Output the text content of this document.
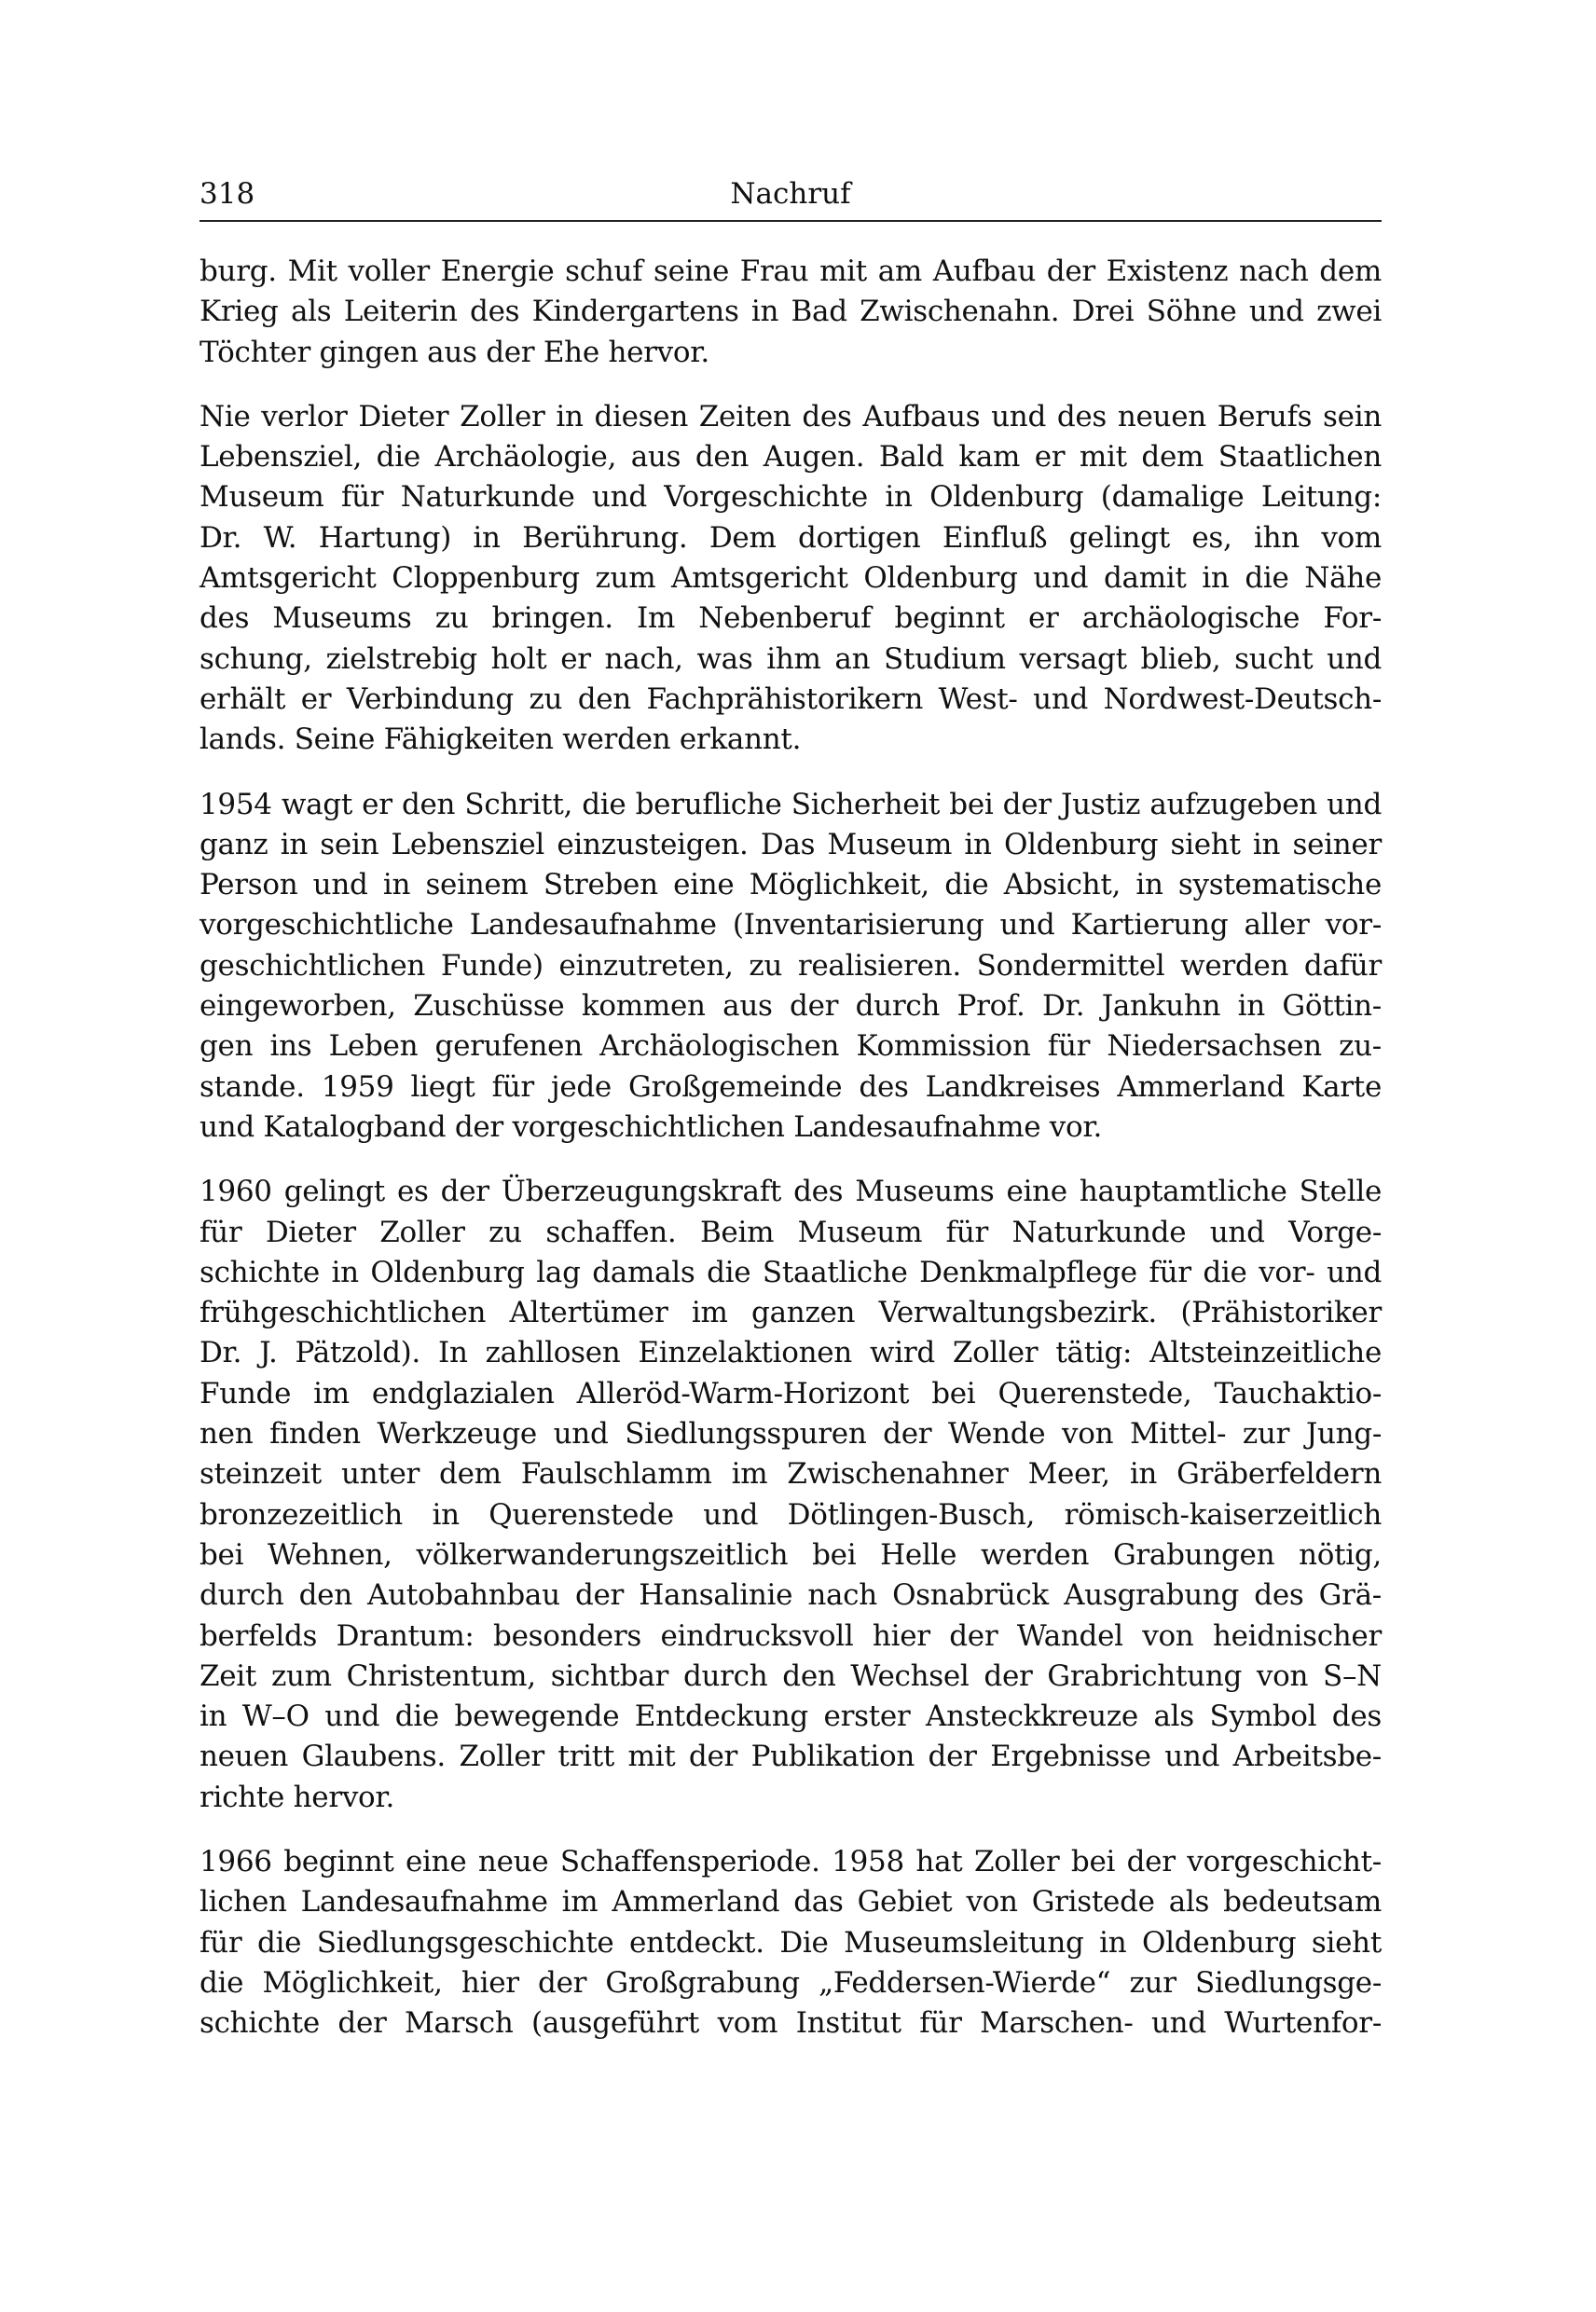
318	Nachruf
burg. Mit voller Energie schuf seine Frau mit am Aufbau der Existenz nach dem
Krieg als Leiterin des Kindergartens in Bad Zwischenahn. Drei Söhne und zwei
Töchter gingen aus der Ehe hervor.
Nie verlor Dieter Zoller in diesen Zeiten des Aufbaus und des neuen Berufs sein
Lebensziel, die Archäologie, aus den Augen. Bald kam er mit dem Staatlichen
Museum für Naturkunde und Vorgeschichte in Oldenburg (damalige Leitung:
Dr. W. Hartung) in Berührung. Dem dortigen Einfluß gelingt es, ihn vom
Amtsgericht Cloppenburg zum Amtsgericht Oldenburg und damit in die Nähe
des Museums zu bringen. Im Nebenberuf beginnt er archäologische For-
schung, zielstrebig holt er nach, was ihm an Studium versagt blieb, sucht und
erhält er Verbindung zu den Fachprähistorikern West- und Nordwest-Deutsch-
lands. Seine Fähigkeiten werden erkannt.
1954 wagt er den Schritt, die berufliche Sicherheit bei der Justiz aufzugeben und
ganz in sein Lebensziel einzusteigen. Das Museum in Oldenburg sieht in seiner
Person und in seinem Streben eine Möglichkeit, die Absicht, in systematische
vorgeschichtliche Landesaufnahme (Inventarisierung und Kartierung aller vor-
geschichtlichen Funde) einzutreten, zu realisieren. Sondermittel werden dafür
eingeworben, Zuschüsse kommen aus der durch Prof. Dr. Jankuhn in Göttin-
gen ins Leben gerufenen Archäologischen Kommission für Niedersachsen zu-
stande. 1959 liegt für jede Großgemeinde des Landkreises Ammerland Karte
und Katalogband der vorgeschichtlichen Landesaufnahme vor.
1960 gelingt es der Überzeugungskraft des Museums eine hauptamtliche Stelle
für Dieter Zoller zu schaffen. Beim Museum für Naturkunde und Vorge-
schichte in Oldenburg lag damals die Staatliche Denkmalpflege für die vor- und
frühgeschichtlichen Altertümer im ganzen Verwaltungsbezirk. (Prähistoriker
Dr. J. Pätzold). In zahllosen Einzelaktionen wird Zoller tätig: Altsteinzeitliche
Funde im endglazialen Alleröd-Warm-Horizont bei Querenstede, Tauchaktio-
nen finden Werkzeuge und Siedlungsspuren der Wende von Mittel- zur Jung-
steinzeit unter dem Faulschlamm im Zwischenahner Meer, in Gräberfeldern
bronzezeitlich in Querenstede und Dötlingen-Busch, römisch-kaiserzeitlich
bei Wehnen, völkerwanderungszeitlich bei Helle werden Grabungen nötig,
durch den Autobahnbau der Hansalinie nach Osnabrück Ausgrabung des Grä-
berfelds Drantum: besonders eindrucksvoll hier der Wandel von heidnischer
Zeit zum Christentum, sichtbar durch den Wechsel der Grabrichtung von S–N
in W–O und die bewegende Entdeckung erster Ansteckkreuze als Symbol des
neuen Glaubens. Zoller tritt mit der Publikation der Ergebnisse und Arbeitsbe-
richte hervor.
1966 beginnt eine neue Schaffensperiode. 1958 hat Zoller bei der vorgeschicht-
lichen Landesaufnahme im Ammerland das Gebiet von Gristede als bedeutsam
für die Siedlungsgeschichte entdeckt. Die Museumsleitung in Oldenburg sieht
die Möglichkeit, hier der Großgrabung „Feddersen-Wierde“ zur Siedlungsge-
schichte der Marsch (ausgeführt vom Institut für Marschen- und Wurtenfor-
